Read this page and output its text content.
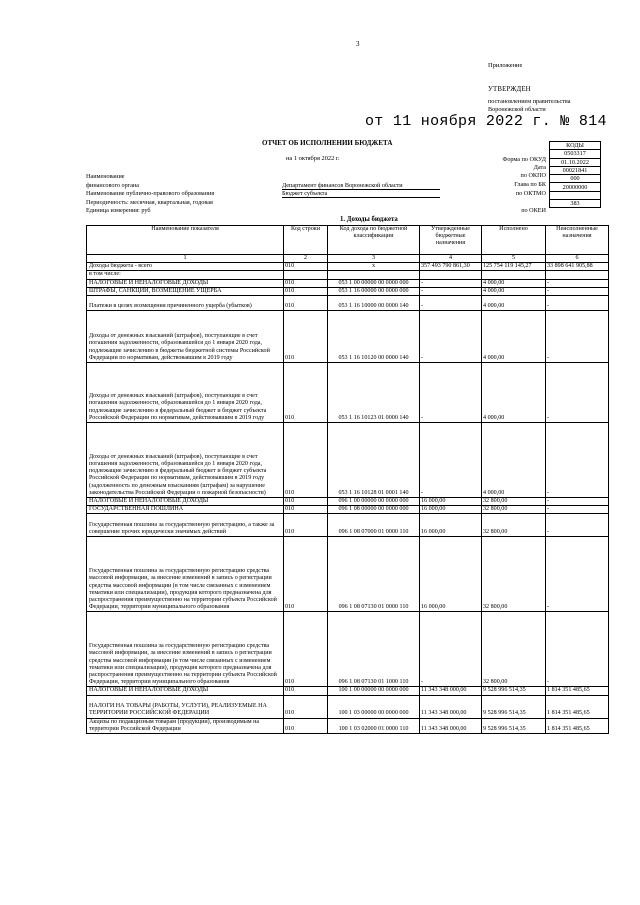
3
Приложение
УТВЕРЖДЕН
постановлением правительства
Воронежской области
от 11 ноября 2022 г. № 814
ОТЧЕТ ОБ ИСПОЛНЕНИИ БЮДЖЕТА
на 1 октября 2022 г.
КОДЫ
0503317
01.10.2022
00021841
000
20000000

383
Форма по ОКУД
Дата
по ОКПО
Глава по БК
по ОКТМО
по ОКЕИ
Наименование
финансового органа
Наименование публично-правового образования
Периодичность: месячная, квартальная, годовая
Единица измерения: руб
Департамент финансов Воронежской области
Бюджет субъекта
1. Доходы бюджета
Наименование показателя	Код строки	Код дохода по бюджетной классификации	Утвержденные бюджетные назначения	Исполнено	Неисполненные назначения
1	2	3	4	5	6
Доходы бюджета - всего	010	x	357 493 790 861,30	125 754 119 145,27	33 898 641 905,88
в том числе:					
НАЛОГОВЫЕ И НЕНАЛОГОВЫЕ ДОХОДЫ	010	053 1 00 00000 00 0000 000	-	4 000,00	-
ШТРАФЫ, САНКЦИИ, ВОЗМЕЩЕНИЕ УЩЕРБА	010	053 1 16 00000 00 0000 000	-	4 000,00	-
Платежи в целях возмещения причиненного ущерба (убытков)	010	053 1 16 10000 00 0000 140	-	4 000,00	-
Доходы от денежных взысканий (штрафов), поступающие в счет погашения задолженности, образовавшейся до 1 января 2020 года, подлежащие зачислению в бюджеты бюджетной системы Российской Федерации по нормативам, действовавшим в 2019 году	010	053 1 16 10120 00 0000 140	-	4 000,00	-
Доходы от денежных взысканий (штрафов), поступающие в счет погашения задолженности, образовавшейся до 1 января 2020 года, подлежащие зачислению в федеральный бюджет и бюджет субъекта Российской Федерации по нормативам, действовавшим в 2019 году	010	053 1 16 10123 01 0000 140	-	4 000,00	-
Доходы от денежных взысканий (штрафов), поступающие в счет погашения задолженности, образовавшейся до 1 января 2020 года, подлежащие зачислению в федеральный бюджет и бюджет субъекта Российской Федерации по нормативам, действовавшим в 2019 году (задолженность по денежным взысканиям (штрафам) за нарушение законодательства Российской Федерации о пожарной безопасности)	010	053 1 16 10128 01 0001 140	-	4 000,00	-
НАЛОГОВЫЕ И НЕНАЛОГОВЫЕ ДОХОДЫ	010	096 1 00 00000 00 0000 000	16 000,00	32 800,00	-
ГОСУДАРСТВЕННАЯ ПОШЛИНА	010	096 1 08 00000 00 0000 000	16 000,00	32 800,00	-
Государственная пошлина за государственную регистрацию, а также за совершение прочих юридически значимых действий	010	096 1 08 07000 01 0000 110	16 000,00	32 800,00	-
Государственная пошлина за государственную регистрацию средства массовой информации, за внесение изменений в запись о регистрации средства массовой информации (в том числе связанных с изменением тематики или специализации), продукция которого предназначена для распространения преимущественно на территории субъекта Российской Федерации, территории муниципального образования	010	096 1 08 07130 01 0000 110	16 000,00	32 800,00	-
Государственная пошлина за государственную регистрацию средства массовой информации, за внесение изменений в запись о регистрации средства массовой информации (в том числе связанных с изменением тематики или специализации), продукция которого предназначена для распространения преимущественно на территории субъекта Российской Федерации, территории муниципального образования	010	096 1 08 07130 01 1000 110	-	32 800,00	-
НАЛОГОВЫЕ И НЕНАЛОГОВЫЕ ДОХОДЫ	010	100 1 00 00000 00 0000 000	11 343 348 000,00	9 528 996 514,35	1 814 351 485,65
НАЛОГИ НА ТОВАРЫ (РАБОТЫ, УСЛУГИ), РЕАЛИЗУЕМЫЕ НА ТЕРРИТОРИИ РОССИЙСКОЙ ФЕДЕРАЦИИ	010	100 1 03 00000 00 0000 000	11 343 348 000,00	9 528 996 514,35	1 814 351 485,65
Акцизы по подакцизным товарам (продукции), производимым на территории Российской Федерации	010	100 1 03 02000 01 0000 110	11 343 348 000,00	9 528 996 514,35	1 814 351 485,65
